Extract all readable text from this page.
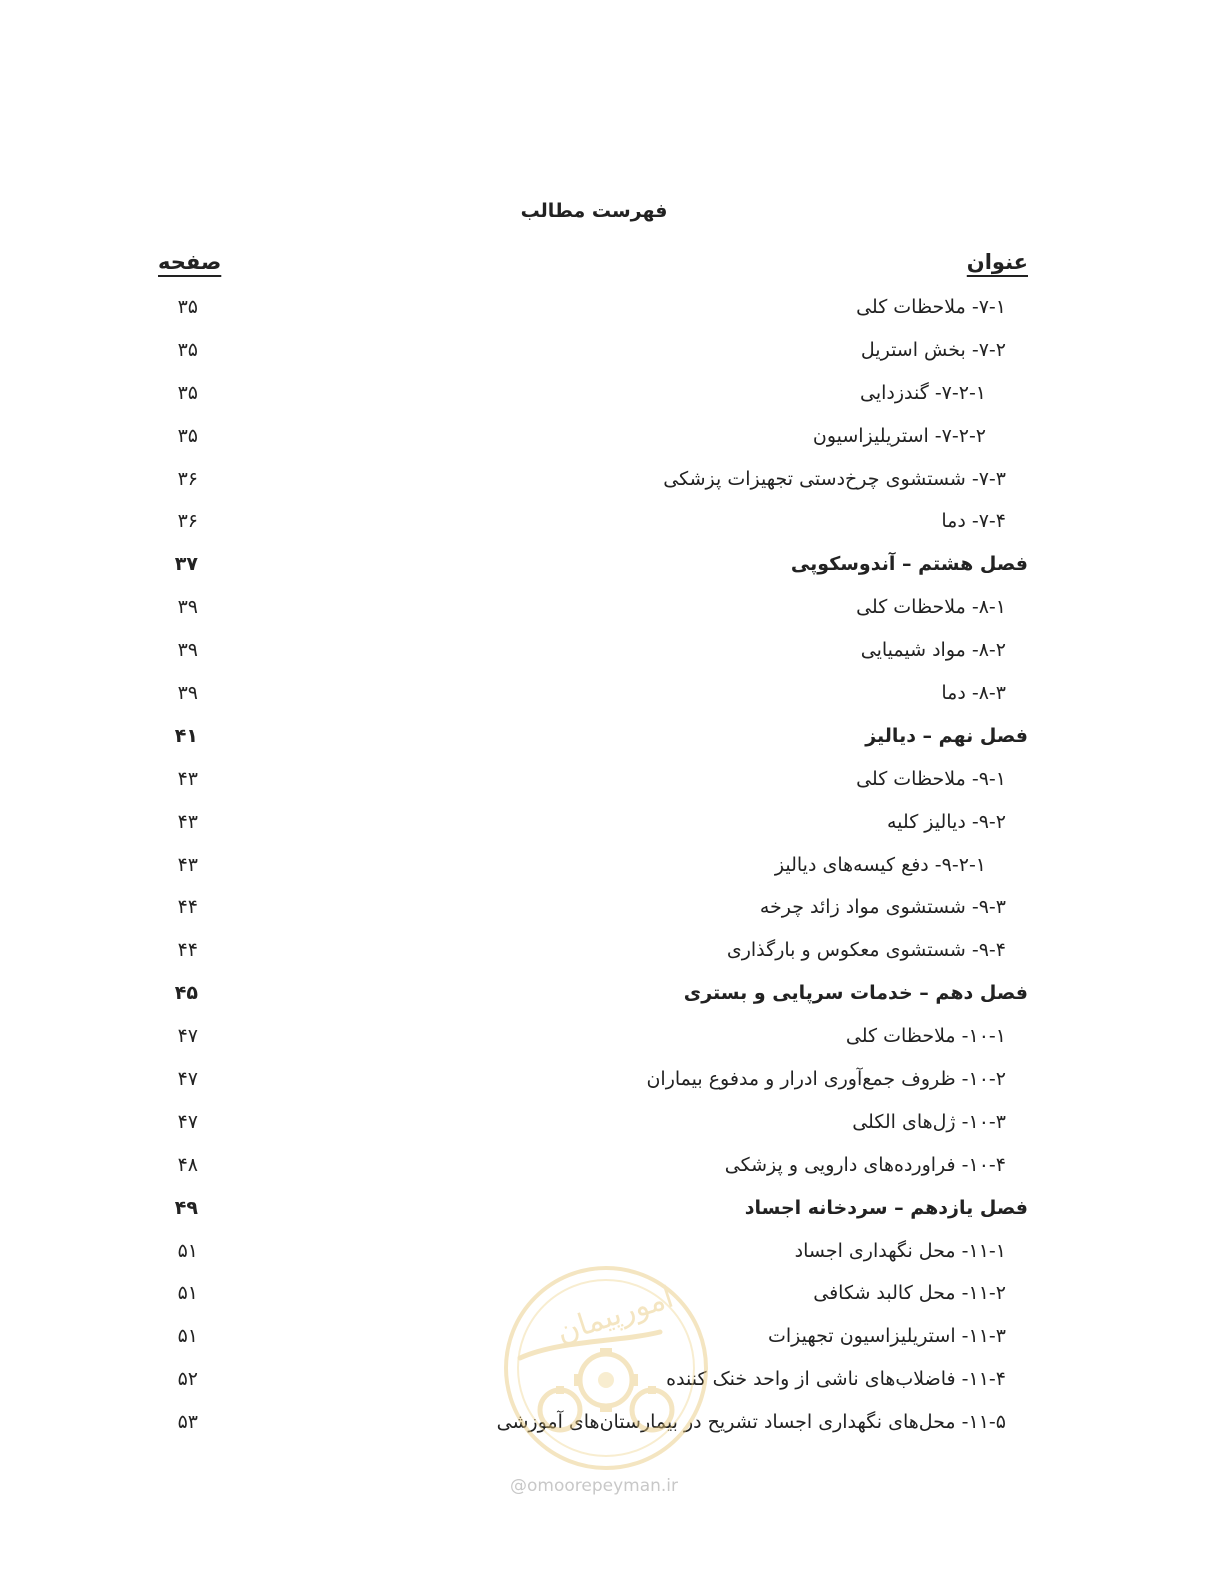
فهرست مطالب
عنوان
صفحه
۷-۱- ملاحظات کلی
۳۵
۷-۲- بخش استریل
۳۵
۷-۲-۱- گندزدایی
۳۵
۷-۲-۲- استریلیزاسیون
۳۵
۷-۳- شستشوی چرخ‌دستی تجهیزات پزشکی
۳۶
۷-۴- دما
۳۶
فصل هشتم – آندوسکوپی
۳۷
۸-۱- ملاحظات کلی
۳۹
۸-۲- مواد شیمیایی
۳۹
۸-۳- دما
۳۹
فصل نهم – دیالیز
۴۱
۹-۱- ملاحظات کلی
۴۳
۹-۲- دیالیز کلیه
۴۳
۹-۲-۱- دفع کیسه‌های دیالیز
۴۳
۹-۳- شستشوی مواد زائد چرخه
۴۴
۹-۴- شستشوی معکوس و بارگذاری
۴۴
فصل دهم – خدمات سرپایی و بستری
۴۵
۱۰-۱- ملاحظات کلی
۴۷
۱۰-۲- ظروف جمع‌آوری ادرار و مدفوع بیماران
۴۷
۱۰-۳- ژل‌های الکلی
۴۷
۱۰-۴- فراورده‌های دارویی و پزشکی
۴۸
فصل یازدهم – سردخانه اجساد
۴۹
۱۱-۱- محل نگهداری اجساد
۵۱
۱۱-۲- محل کالبد شکافی
۵۱
۱۱-۳- استریلیزاسیون تجهیزات
۵۱
۱۱-۴- فاضلاب‌های ناشی از واحد خنک کننده
۵۲
۱۱-۵- محل‌های نگهداری اجساد تشریح در بیمارستان‌های آموزشی
۵۳
امورپیمان
@omoorepeyman.ir
